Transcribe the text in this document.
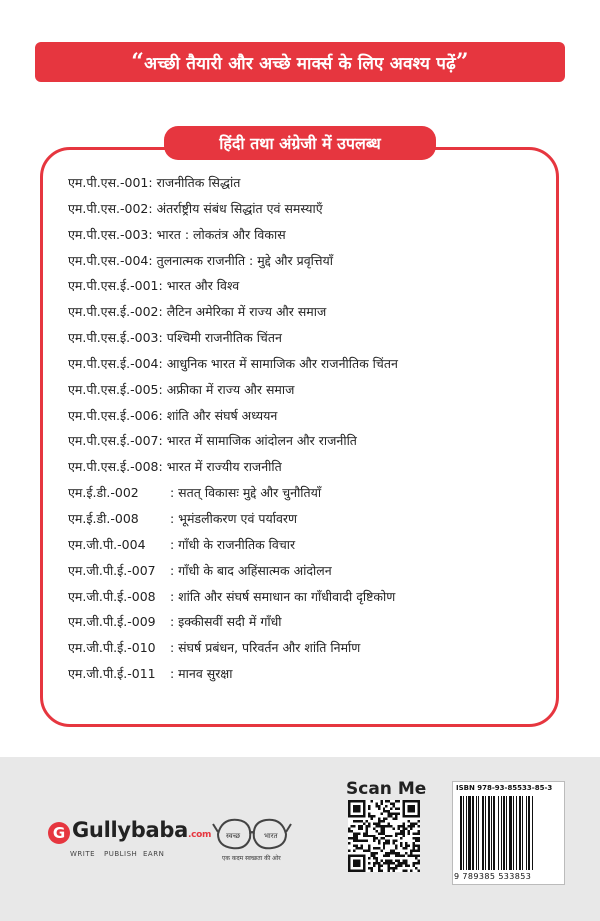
“ अच्छी तैयारी और अच्छे मार्क्स के लिए अवश्य पढ़ें ”
हिंदी तथा अंग्रेजी में उपलब्ध
एम.पी.एस.-001: राजनीतिक सिद्धांत
एम.पी.एस.-002: अंतर्राष्ट्रीय संबंध सिद्धांत एवं समस्याएँ
एम.पी.एस.-003: भारत : लोकतंत्र और विकास
एम.पी.एस.-004: तुलनात्मक राजनीति : मुद्दे और प्रवृत्तियाँ
एम.पी.एस.ई.-001: भारत और विश्व
एम.पी.एस.ई.-002: लैटिन अमेरिका में राज्य और समाज
एम.पी.एस.ई.-003: पश्चिमी राजनीतिक चिंतन
एम.पी.एस.ई.-004: आधुनिक भारत में सामाजिक और राजनीतिक चिंतन
एम.पी.एस.ई.-005: अफ्रीका में राज्य और समाज
एम.पी.एस.ई.-006: शांति और संघर्ष अध्ययन
एम.पी.एस.ई.-007: भारत में सामाजिक आंदोलन और राजनीति
एम.पी.एस.ई.-008: भारत में राज्यीय राजनीति
एम.ई.डी.-002 : सतत् विकासः मुद्दे और चुनौतियाँ
एम.ई.डी.-008 : भूमंडलीकरण एवं पर्यावरण
एम.जी.पी.-004 : गाँधी के राजनीतिक विचार
एम.जी.पी.ई.-007 : गाँधी के बाद अहिंसात्मक आंदोलन
एम.जी.पी.ई.-008 : शांति और संघर्ष समाधान का गाँधीवादी दृष्टिकोण
एम.जी.पी.ई.-009 : इक्कीसवीं सदी में गाँधी
एम.जी.पी.ई.-010 : संघर्ष प्रबंधन, परिवर्तन और शांति निर्माण
एम.जी.पी.ई.-011 : मानव सुरक्षा
G Gullybaba.com
WRITE PUBLISH EARN
स्वच्छ	भारत
एक कदम स्वच्छता की ओर
Scan Me	ISBN 978-93-85533-85-3
9 789385 533853
